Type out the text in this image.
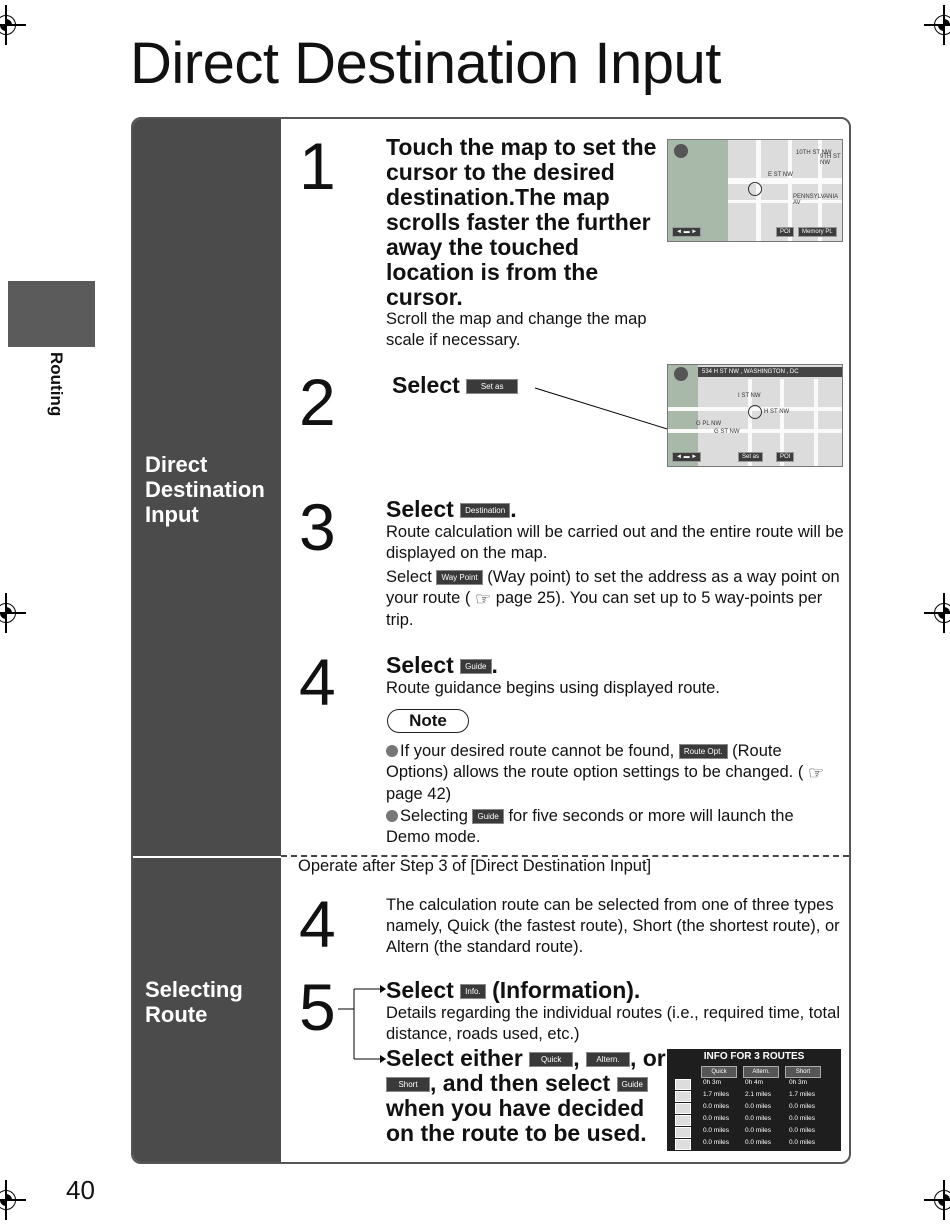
Direct Destination Input
Routing
Direct Destination Input
Selecting Route
1 Touch the map to set the cursor to the desired destination.The map scrolls faster the further away the touched location is from the cursor.
Scroll the map and change the map scale if necessary.
E ST NW
PENNSYLVANIA AV
10TH ST NW
9TH ST NW
POI	Memory Pt.
◄ ▬ ►
2 Select	Set as
534 H ST NW , WASHINGTON , DC
I ST NW
H ST NW
G PL NW
G ST NW
Set as	POI
◄ ▬ ►
3 Select Destination .
Route calculation will be carried out and the entire route will be displayed on the map.
Select Way Point (Way point) to set the address as a way point on your route ( ☞ page 25). You can set up to 5 way-points per trip.
4 Select Guide .
Route guidance begins using displayed route.
Note
If your desired route cannot be found, Route Opt. (Route Options) allows the route option settings to be changed. ( ☞ page 42)
Selecting Guide for five seconds or more will launch the Demo mode.
Operate after Step 3 of [Direct Destination Input]
4	The calculation route can be selected from one of three types namely, Quick (the fastest route), Short (the shortest route), or Altern (the standard route).
5 Select Info. (Information).
Details regarding the individual routes (i.e., required time, total distance, roads used, etc.)
Select either Quick , Altern. , or Short , and then select Guide when you have decided on the route to be used.
INFO FOR 3 ROUTES
Quick	Altern.	Short
0h 3m	0h 4m	0h 3m
1.7 miles 2.1 miles	1.7 miles
0.0 miles 0.0 miles	0.0 miles
0.0 miles 0.0 miles	0.0 miles
0.0 miles 0.0 miles	0.0 miles
0.0 miles 0.0 miles	0.0 miles
40
